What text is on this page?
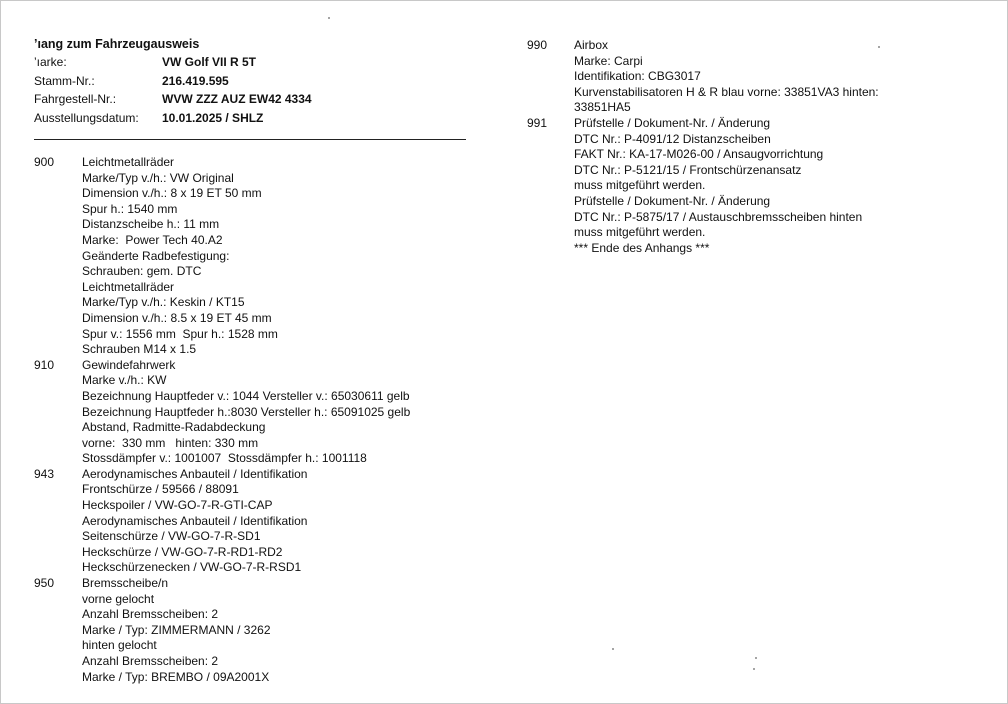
’ıang zum Fahrzeugausweis
’ıarke:	VW Golf VII R 5T
Stamm-Nr.:	216.419.595
Fahrgestell-Nr.:	WVW ZZZ AUZ EW42 4334
Ausstellungsdatum:	10.01.2025 / SHLZ
900	Leichtmetallräder
Marke/Typ v./h.: VW Original
Dimension v./h.: 8 x 19 ET 50 mm
Spur h.: 1540 mm
Distanzscheibe h.: 11 mm
Marke:  Power Tech 40.A2
Geänderte Radbefestigung:
Schrauben: gem. DTC
Leichtmetallräder
Marke/Typ v./h.: Keskin / KT15
Dimension v./h.: 8.5 x 19 ET 45 mm
Spur v.: 1556 mm  Spur h.: 1528 mm
Schrauben M14 x 1.5
910	Gewindefahrwerk
Marke v./h.: KW
Bezeichnung Hauptfeder v.: 1044 Versteller v.: 65030611 gelb
Bezeichnung Hauptfeder h.:8030 Versteller h.: 65091025 gelb
Abstand, Radmitte-Radabdeckung
vorne:  330 mm   hinten: 330 mm
Stossdämpfer v.: 1001007  Stossdämpfer h.: 1001118
943	Aerodynamisches Anbauteil / Identifikation
Frontschürze / 59566 / 88091
Heckspoiler / VW-GO-7-R-GTI-CAP
Aerodynamisches Anbauteil / Identifikation
Seitenschürze / VW-GO-7-R-SD1
Heckschürze / VW-GO-7-R-RD1-RD2
Heckschürzenecken / VW-GO-7-R-RSD1
950	Bremsscheibe/n
vorne gelocht
Anzahl Bremsscheiben: 2
Marke / Typ: ZIMMERMANN / 3262
hinten gelocht
Anzahl Bremsscheiben: 2
Marke / Typ: BREMBO / 09A2001X
990	Airbox
Marke: Carpi
Identifikation: CBG3017
Kurvenstabilisatoren H & R blau vorne: 33851VA3 hinten:
33851HA5
991	Prüfstelle / Dokument-Nr. / Änderung
DTC Nr.: P-4091/12 Distanzscheiben
FAKT Nr.: KA-17-M026-00 / Ansaugvorrichtung
DTC Nr.: P-5121/15 / Frontschürzenansatz
muss mitgeführt werden.
Prüfstelle / Dokument-Nr. / Änderung
DTC Nr.: P-5875/17 / Austauschbremsscheiben hinten
muss mitgeführt werden.
*** Ende des Anhangs ***
